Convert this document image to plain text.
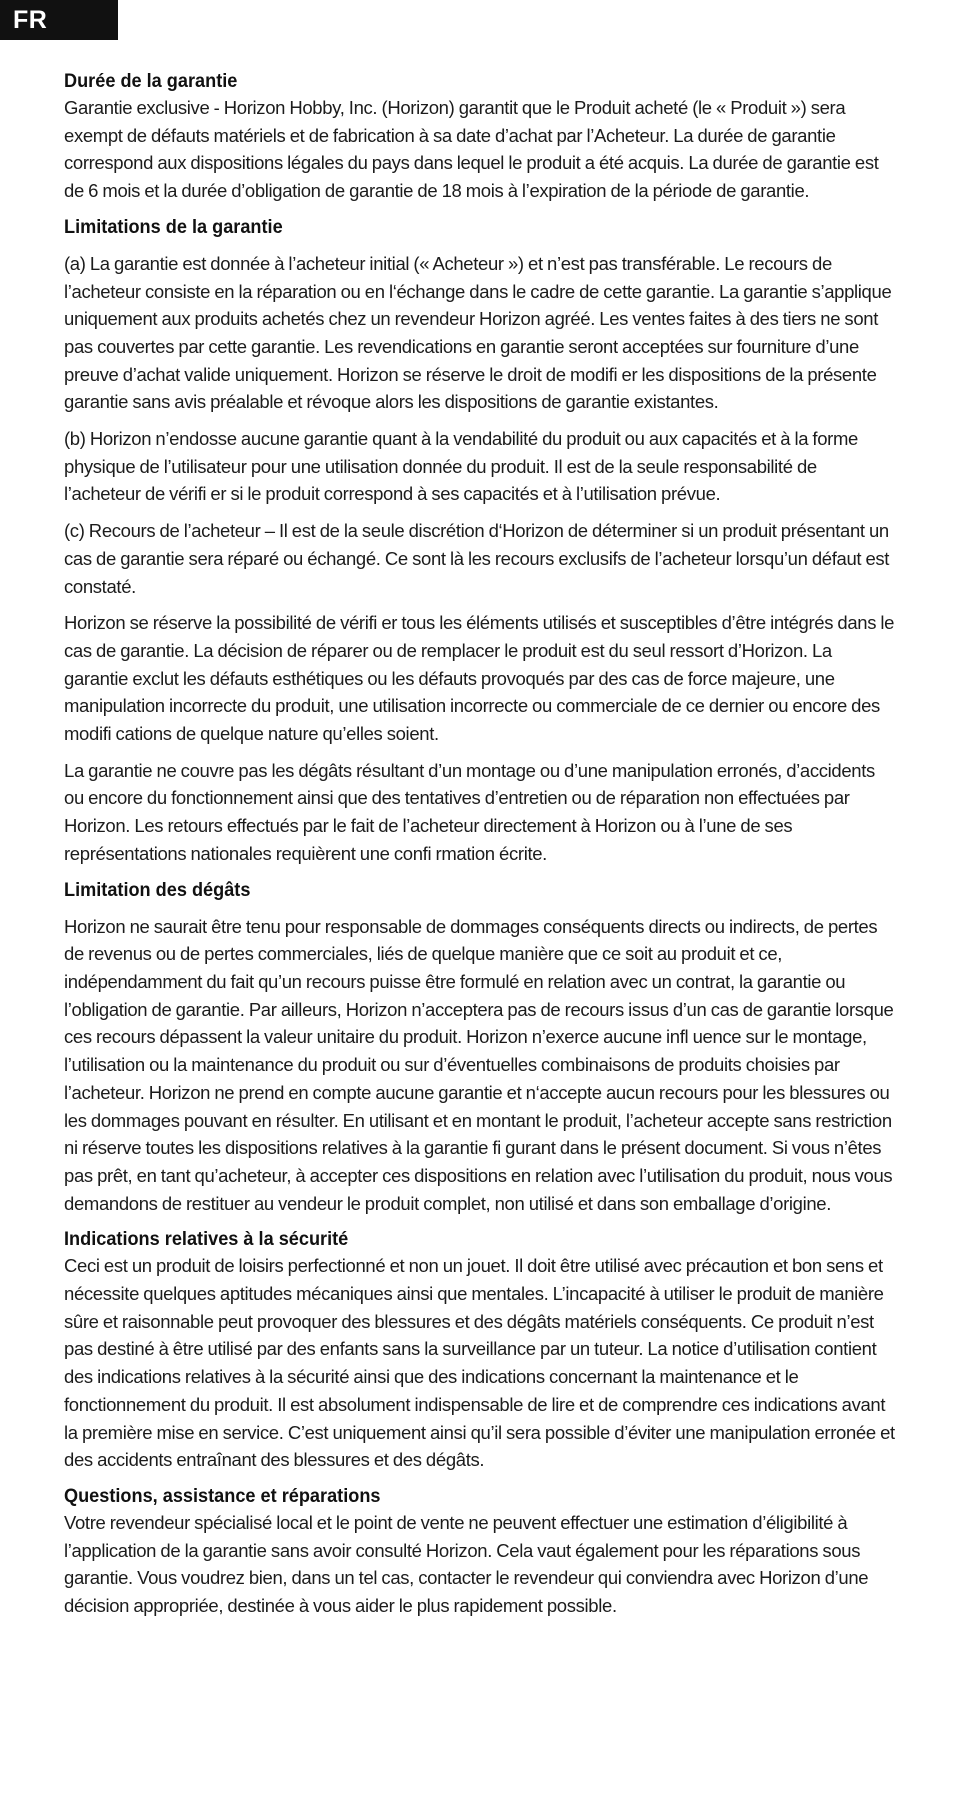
FR
Durée de la garantie

Garantie exclusive - Horizon Hobby, Inc. (Horizon) garantit que le Produit acheté (le « Produit ») sera exempt de défauts matériels et de fabrication à sa date d’achat par l’Acheteur. La durée de garantie correspond aux dispositions légales du pays dans lequel le produit a été acquis. La durée de garantie est de 6 mois et la durée d’obligation de garantie de 18 mois à l’expiration de la période de garantie.

Limitations de la garantie

(a) La garantie est donnée à l’acheteur initial (« Acheteur ») et n’est pas transférable. Le recours de l’acheteur consiste en la réparation ou en l‘échange dans le cadre de cette garantie. La garantie s’applique uniquement aux produits achetés chez un revendeur Horizon agréé. Les ventes faites à des tiers ne sont pas couvertes par cette garantie. Les revendications en garantie seront acceptées sur fourniture d’une preuve d’achat valide uniquement. Horizon se réserve le droit de modifi er les dispositions de la présente garantie sans avis préalable et révoque alors les dispositions de garantie existantes.

(b) Horizon n’endosse aucune garantie quant à la vendabilité du produit ou aux capacités et à la forme physique de l’utilisateur pour une utilisation donnée du produit. Il est de la seule responsabilité de l’acheteur de vérifi er si le produit correspond à ses capacités et à l’utilisation prévue.

(c) Recours de l’acheteur – Il est de la seule discrétion d‘Horizon de déterminer si un produit présentant un cas de garantie sera réparé ou échangé. Ce sont là les recours exclusifs de l’acheteur lorsqu’un défaut est constaté.

Horizon se réserve la possibilité de vérifi er tous les éléments utilisés et susceptibles d’être intégrés dans le cas de garantie. La décision de réparer ou de remplacer le produit est du seul ressort d’Horizon. La garantie exclut les défauts esthétiques ou les défauts provoqués par des cas de force majeure, une manipulation incorrecte du produit, une utilisation incorrecte ou commerciale de ce dernier ou encore des modifi cations de quelque nature qu’elles soient.

La garantie ne couvre pas les dégâts résultant d’un montage ou d’une manipulation erronés, d’accidents ou encore du fonctionnement ainsi que des tentatives d’entretien ou de réparation non effectuées par Horizon. Les retours effectués par le fait de l’acheteur directement à Horizon ou à l’une de ses représentations nationales requièrent une confi rmation écrite.

Limitation des dégâts

Horizon ne saurait être tenu pour responsable de dommages conséquents directs ou indirects, de pertes de revenus ou de pertes commerciales, liés de quelque manière que ce soit au produit et ce, indépendamment du fait qu’un recours puisse être formulé en relation avec un contrat, la garantie ou l’obligation de garantie. Par ailleurs, Horizon n’acceptera pas de recours issus d’un cas de garantie lorsque ces recours dépassent la valeur unitaire du produit. Horizon n’exerce aucune infl uence sur le montage, l’utilisation ou la maintenance du produit ou sur d’éventuelles combinaisons de produits choisies par l’acheteur. Horizon ne prend en compte aucune garantie et n‘accepte aucun recours pour les blessures ou les dommages pouvant en résulter. En utilisant et en montant le produit, l’acheteur accepte sans restriction ni réserve toutes les dispositions relatives à la garantie fi gurant dans le présent document. Si vous n’êtes pas prêt, en tant qu’acheteur, à accepter ces dispositions en relation avec l’utilisation du produit, nous vous demandons de restituer au vendeur le produit complet, non utilisé et dans son emballage d’origine.

Indications relatives à la sécurité

Ceci est un produit de loisirs perfectionné et non un jouet. Il doit être utilisé avec précaution et bon sens et nécessite quelques aptitudes mécaniques ainsi que mentales. L’incapacité à utiliser le produit de manière sûre et raisonnable peut provoquer des blessures et des dégâts matériels conséquents. Ce produit n’est pas destiné à être utilisé par des enfants sans la surveillance par un tuteur. La notice d’utilisation contient des indications relatives à la sécurité ainsi que des indications concernant la maintenance et le fonctionnement du produit. Il est absolument indispensable de lire et de comprendre ces indications avant la première mise en service. C’est uniquement ainsi qu’il sera possible d’éviter une manipulation erronée et des accidents entraînant des blessures et des dégâts.

Questions, assistance et réparations

Votre revendeur spécialisé local et le point de vente ne peuvent effectuer une estimation d’éligibilité à l’application de la garantie sans avoir consulté Horizon. Cela vaut également pour les réparations sous garantie. Vous voudrez bien, dans un tel cas, contacter le revendeur qui conviendra avec Horizon d’une décision appropriée, destinée à vous aider le plus rapidement possible.
